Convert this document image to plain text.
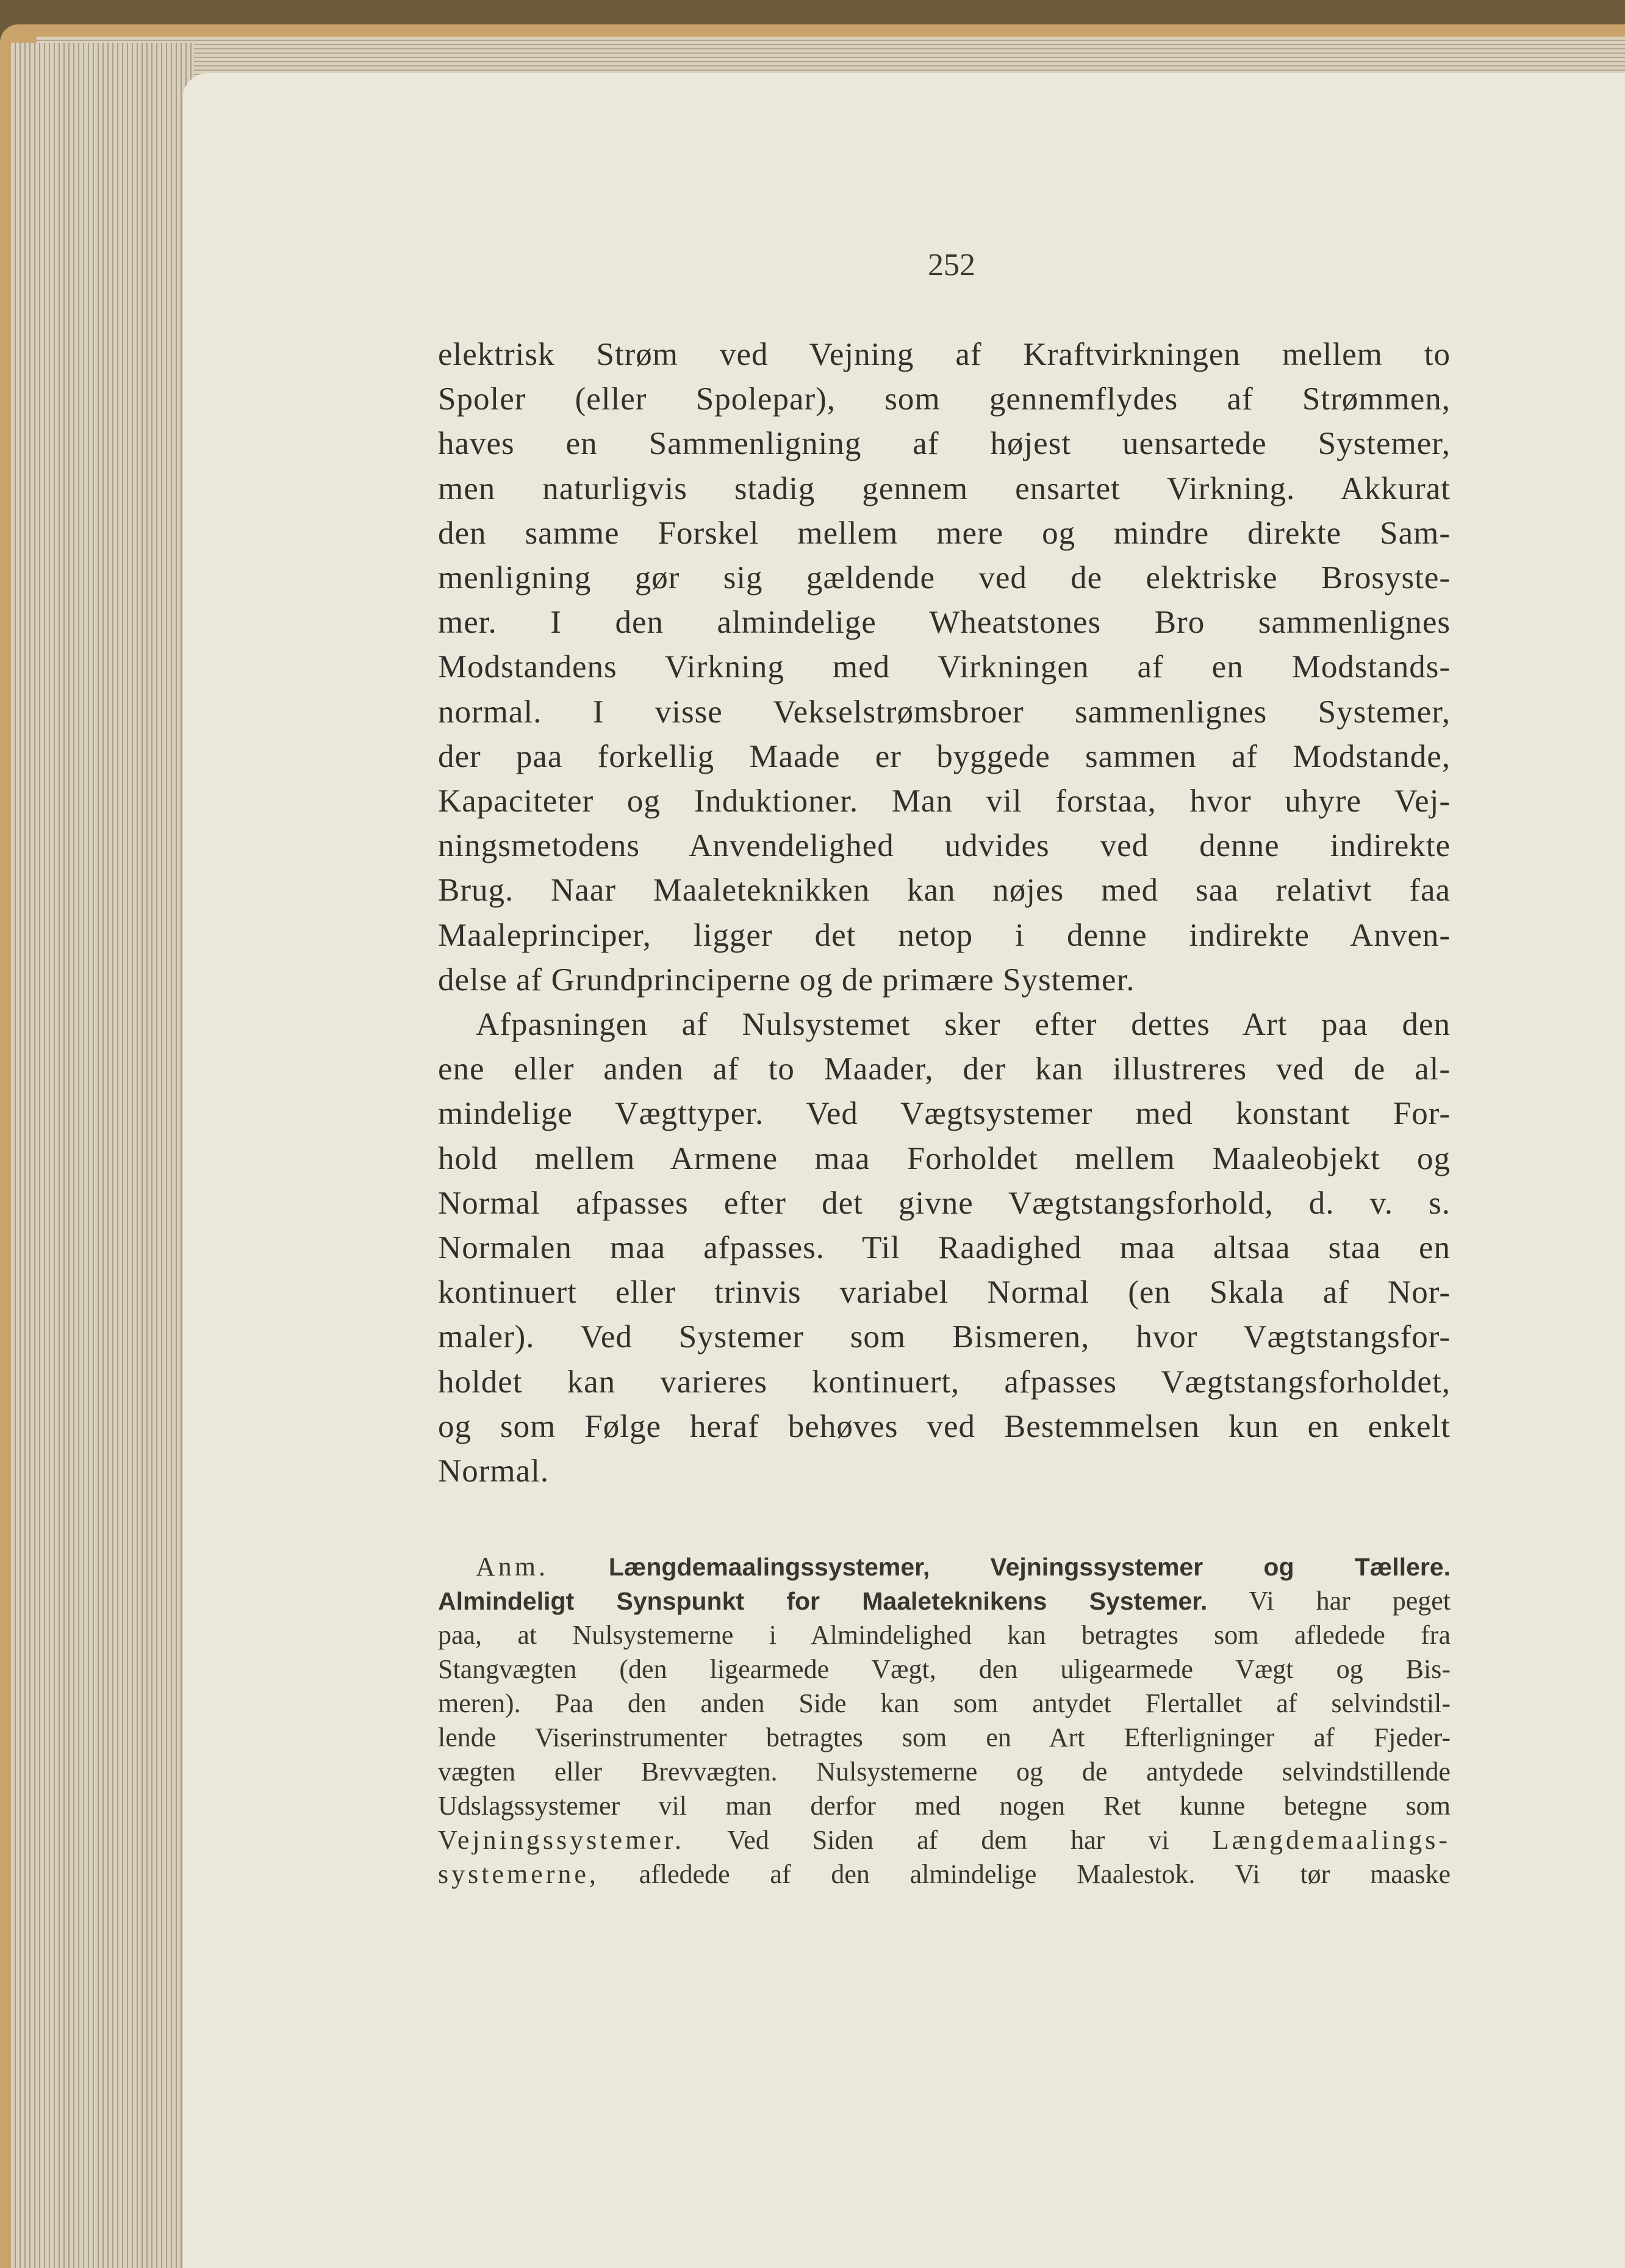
252
elektrisk Strøm ved Vejning af Kraftvirkningen mellem to
Spoler (eller Spolepar), som gennemflydes af Strømmen,
haves en Sammenligning af højest uensartede Systemer,
men naturligvis stadig gennem ensartet Virkning. Akkurat
den samme Forskel mellem mere og mindre direkte Sam-
menligning gør sig gældende ved de elektriske Brosyste-
mer. I den almindelige Wheatstones Bro sammenlignes
Modstandens Virkning med Virkningen af en Modstands-
normal. I visse Vekselstrømsbroer sammenlignes Systemer,
der paa forkellig Maade er byggede sammen af Modstande,
Kapaciteter og Induktioner. Man vil forstaa, hvor uhyre Vej-
ningsmetodens Anvendelighed udvides ved denne indirekte
Brug. Naar Maaleteknikken kan nøjes med saa relativt faa
Maaleprinciper, ligger det netop i denne indirekte Anven-
delse af Grundprinciperne og de primære Systemer.
Afpasningen af Nulsystemet sker efter dettes Art paa den
ene eller anden af to Maader, der kan illustreres ved de al-
mindelige Vægttyper. Ved Vægtsystemer med konstant For-
hold mellem Armene maa Forholdet mellem Maaleobjekt og
Normal afpasses efter det givne Vægtstangsforhold, d. v. s.
Normalen maa afpasses. Til Raadighed maa altsaa staa en
kontinuert eller trinvis variabel Normal (en Skala af Nor-
maler). Ved Systemer som Bismeren, hvor Vægtstangsfor-
holdet kan varieres kontinuert, afpasses Vægtstangsforholdet,
og som Følge heraf behøves ved Bestemmelsen kun en enkelt
Normal.
Anm. Længdemaalingssystemer, Vejningssystemer og Tællere.
Almindeligt Synspunkt for Maaleteknikens Systemer. Vi har peget
paa, at Nulsystemerne i Almindelighed kan betragtes som afledede fra
Stangvægten (den ligearmede Vægt, den uligearmede Vægt og Bis-
meren). Paa den anden Side kan som antydet Flertallet af selvindstil-
lende Viserinstrumenter betragtes som en Art Efterligninger af Fjeder-
vægten eller Brevvægten. Nulsystemerne og de antydede selvindstillende
Udslagssystemer vil man derfor med nogen Ret kunne betegne som
Vejningssystemer. Ved Siden af dem har vi Længdemaalings-
systemerne, afledede af den almindelige Maalestok. Vi tør maaske
